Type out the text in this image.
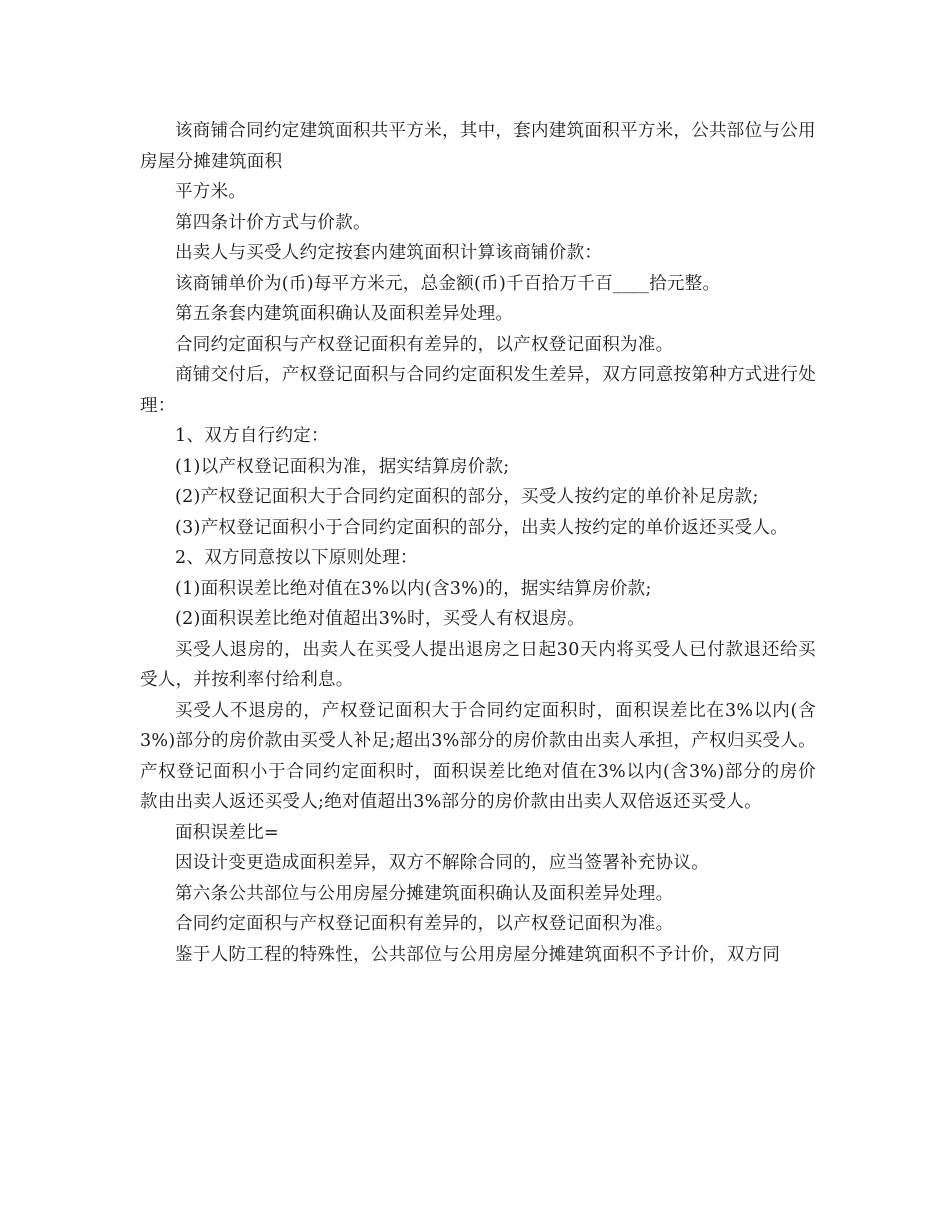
该商铺合同约定建筑面积共平方米，其中，套内建筑面积平方米，公共部位与公用房屋分摊建筑面积

平方米。

第四条计价方式与价款。

出卖人与买受人约定按套内建筑面积计算该商铺价款：

该商铺单价为(币)每平方米元，总金额(币)千百拾万千百____拾元整。

第五条套内建筑面积确认及面积差异处理。

合同约定面积与产权登记面积有差异的，以产权登记面积为准。

商铺交付后，产权登记面积与合同约定面积发生差异，双方同意按第种方式进行处理：

1、双方自行约定：

(1)以产权登记面积为准，据实结算房价款;

(2)产权登记面积大于合同约定面积的部分，买受人按约定的单价补足房款;

(3)产权登记面积小于合同约定面积的部分，出卖人按约定的单价返还买受人。

2、双方同意按以下原则处理：

(1)面积误差比绝对值在3%以内(含3%)的，据实结算房价款;

(2)面积误差比绝对值超出3%时，买受人有权退房。

买受人退房的，出卖人在买受人提出退房之日起30天内将买受人已付款退还给买受人，并按利率付给利息。

买受人不退房的，产权登记面积大于合同约定面积时，面积误差比在3%以内(含3%)部分的房价款由买受人补足;超出3%部分的房价款由出卖人承担，产权归买受人。产权登记面积小于合同约定面积时，面积误差比绝对值在3%以内(含3%)部分的房价款由出卖人返还买受人;绝对值超出3%部分的房价款由出卖人双倍返还买受人。

面积误差比=

因设计变更造成面积差异，双方不解除合同的，应当签署补充协议。

第六条公共部位与公用房屋分摊建筑面积确认及面积差异处理。

合同约定面积与产权登记面积有差异的，以产权登记面积为准。

鉴于人防工程的特殊性，公共部位与公用房屋分摊建筑面积不予计价，双方同
